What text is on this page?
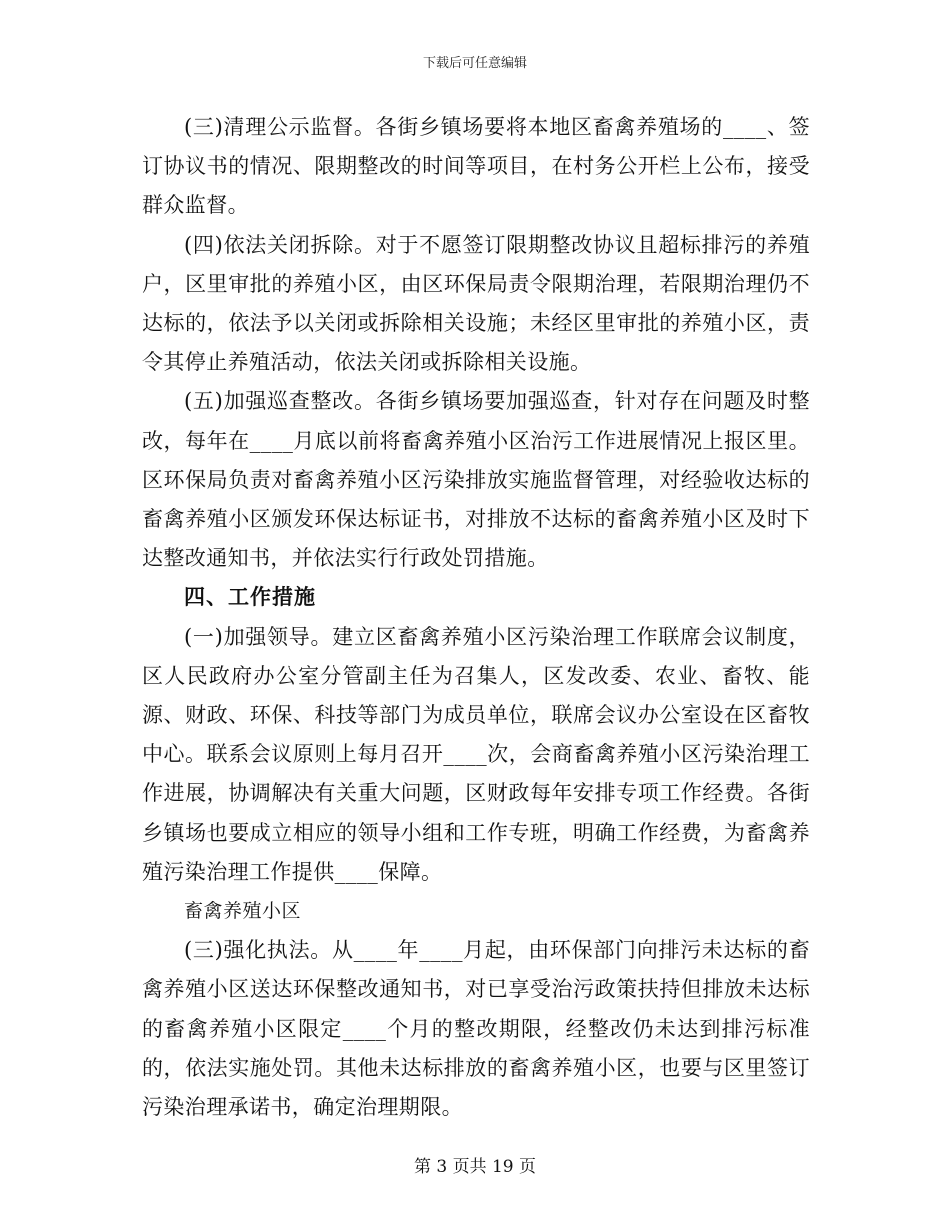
下载后可任意编辑

(三)清理公示监督。各街乡镇场要将本地区畜禽养殖场的____、签订协议书的情况、限期整改的时间等项目，在村务公开栏上公布，接受群众监督。

(四)依法关闭拆除。对于不愿签订限期整改协议且超标排污的养殖户，区里审批的养殖小区，由区环保局责令限期治理，若限期治理仍不达标的，依法予以关闭或拆除相关设施；未经区里审批的养殖小区，责令其停止养殖活动，依法关闭或拆除相关设施。

(五)加强巡查整改。各街乡镇场要加强巡查，针对存在问题及时整改，每年在____月底以前将畜禽养殖小区治污工作进展情况上报区里。区环保局负责对畜禽养殖小区污染排放实施监督管理，对经验收达标的畜禽养殖小区颁发环保达标证书，对排放不达标的畜禽养殖小区及时下达整改通知书，并依法实行行政处罚措施。

四、工作措施

(一)加强领导。建立区畜禽养殖小区污染治理工作联席会议制度，区人民政府办公室分管副主任为召集人，区发改委、农业、畜牧、能源、财政、环保、科技等部门为成员单位，联席会议办公室设在区畜牧中心。联系会议原则上每月召开____次，会商畜禽养殖小区污染治理工作进展，协调解决有关重大问题，区财政每年安排专项工作经费。各街乡镇场也要成立相应的领导小组和工作专班，明确工作经费，为畜禽养殖污染治理工作提供____保障。

畜禽养殖小区

(三)强化执法。从____年____月起，由环保部门向排污未达标的畜禽养殖小区送达环保整改通知书，对已享受治污政策扶持但排放未达标的畜禽养殖小区限定____个月的整改期限，经整改仍未达到排污标准的，依法实施处罚。其他未达标排放的畜禽养殖小区，也要与区里签订污染治理承诺书，确定治理期限。

第 3 页共 19 页
